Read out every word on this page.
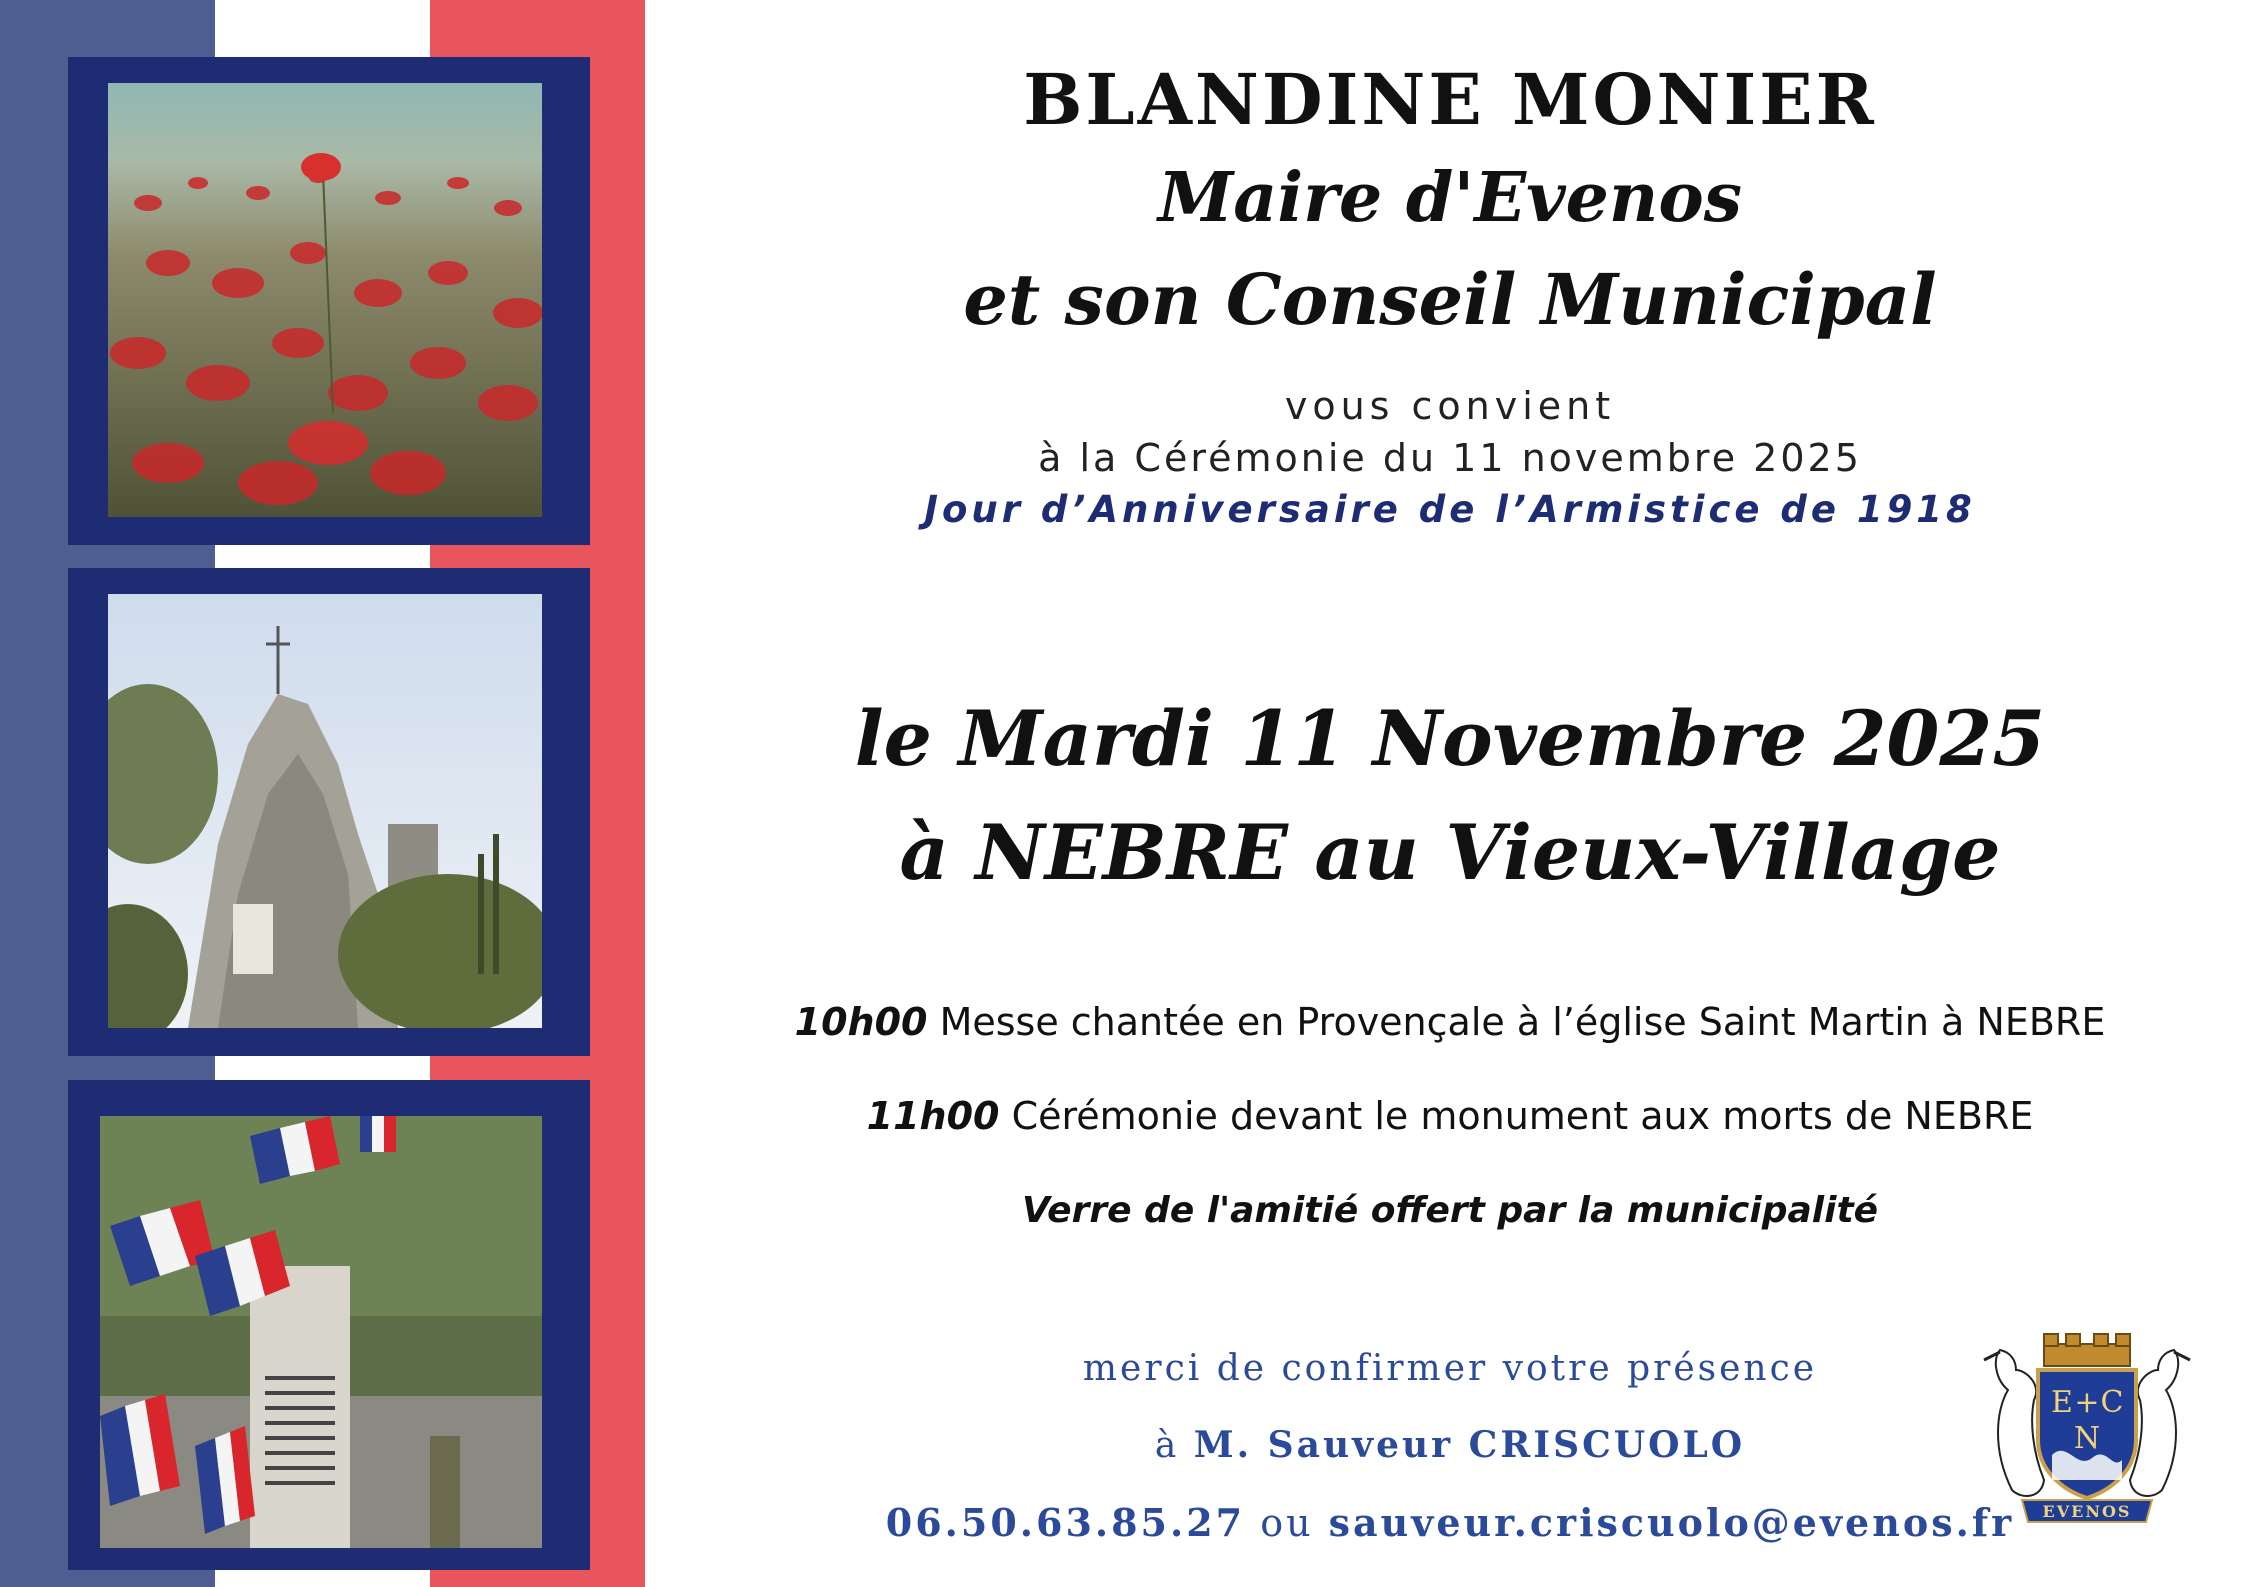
BLANDINE MONIER
Maire d'Evenos
et son Conseil Municipal
vous convient
à la Cérémonie du 11 novembre 2025
Jour d’Anniversaire de l’Armistice de 1918
le Mardi 11 Novembre 2025
à NEBRE au Vieux-Village
10h00 Messe chantée en Provençale à l’église Saint Martin à NEBRE
11h00 Cérémonie devant le monument aux morts de NEBRE
Verre de l'amitié offert par la municipalité
merci de confirmer votre présence
à M. Sauveur CRISCUOLO
06.50.63.85.27 ou sauveur.criscuolo@evenos.fr
E + C
N
EVENOS
